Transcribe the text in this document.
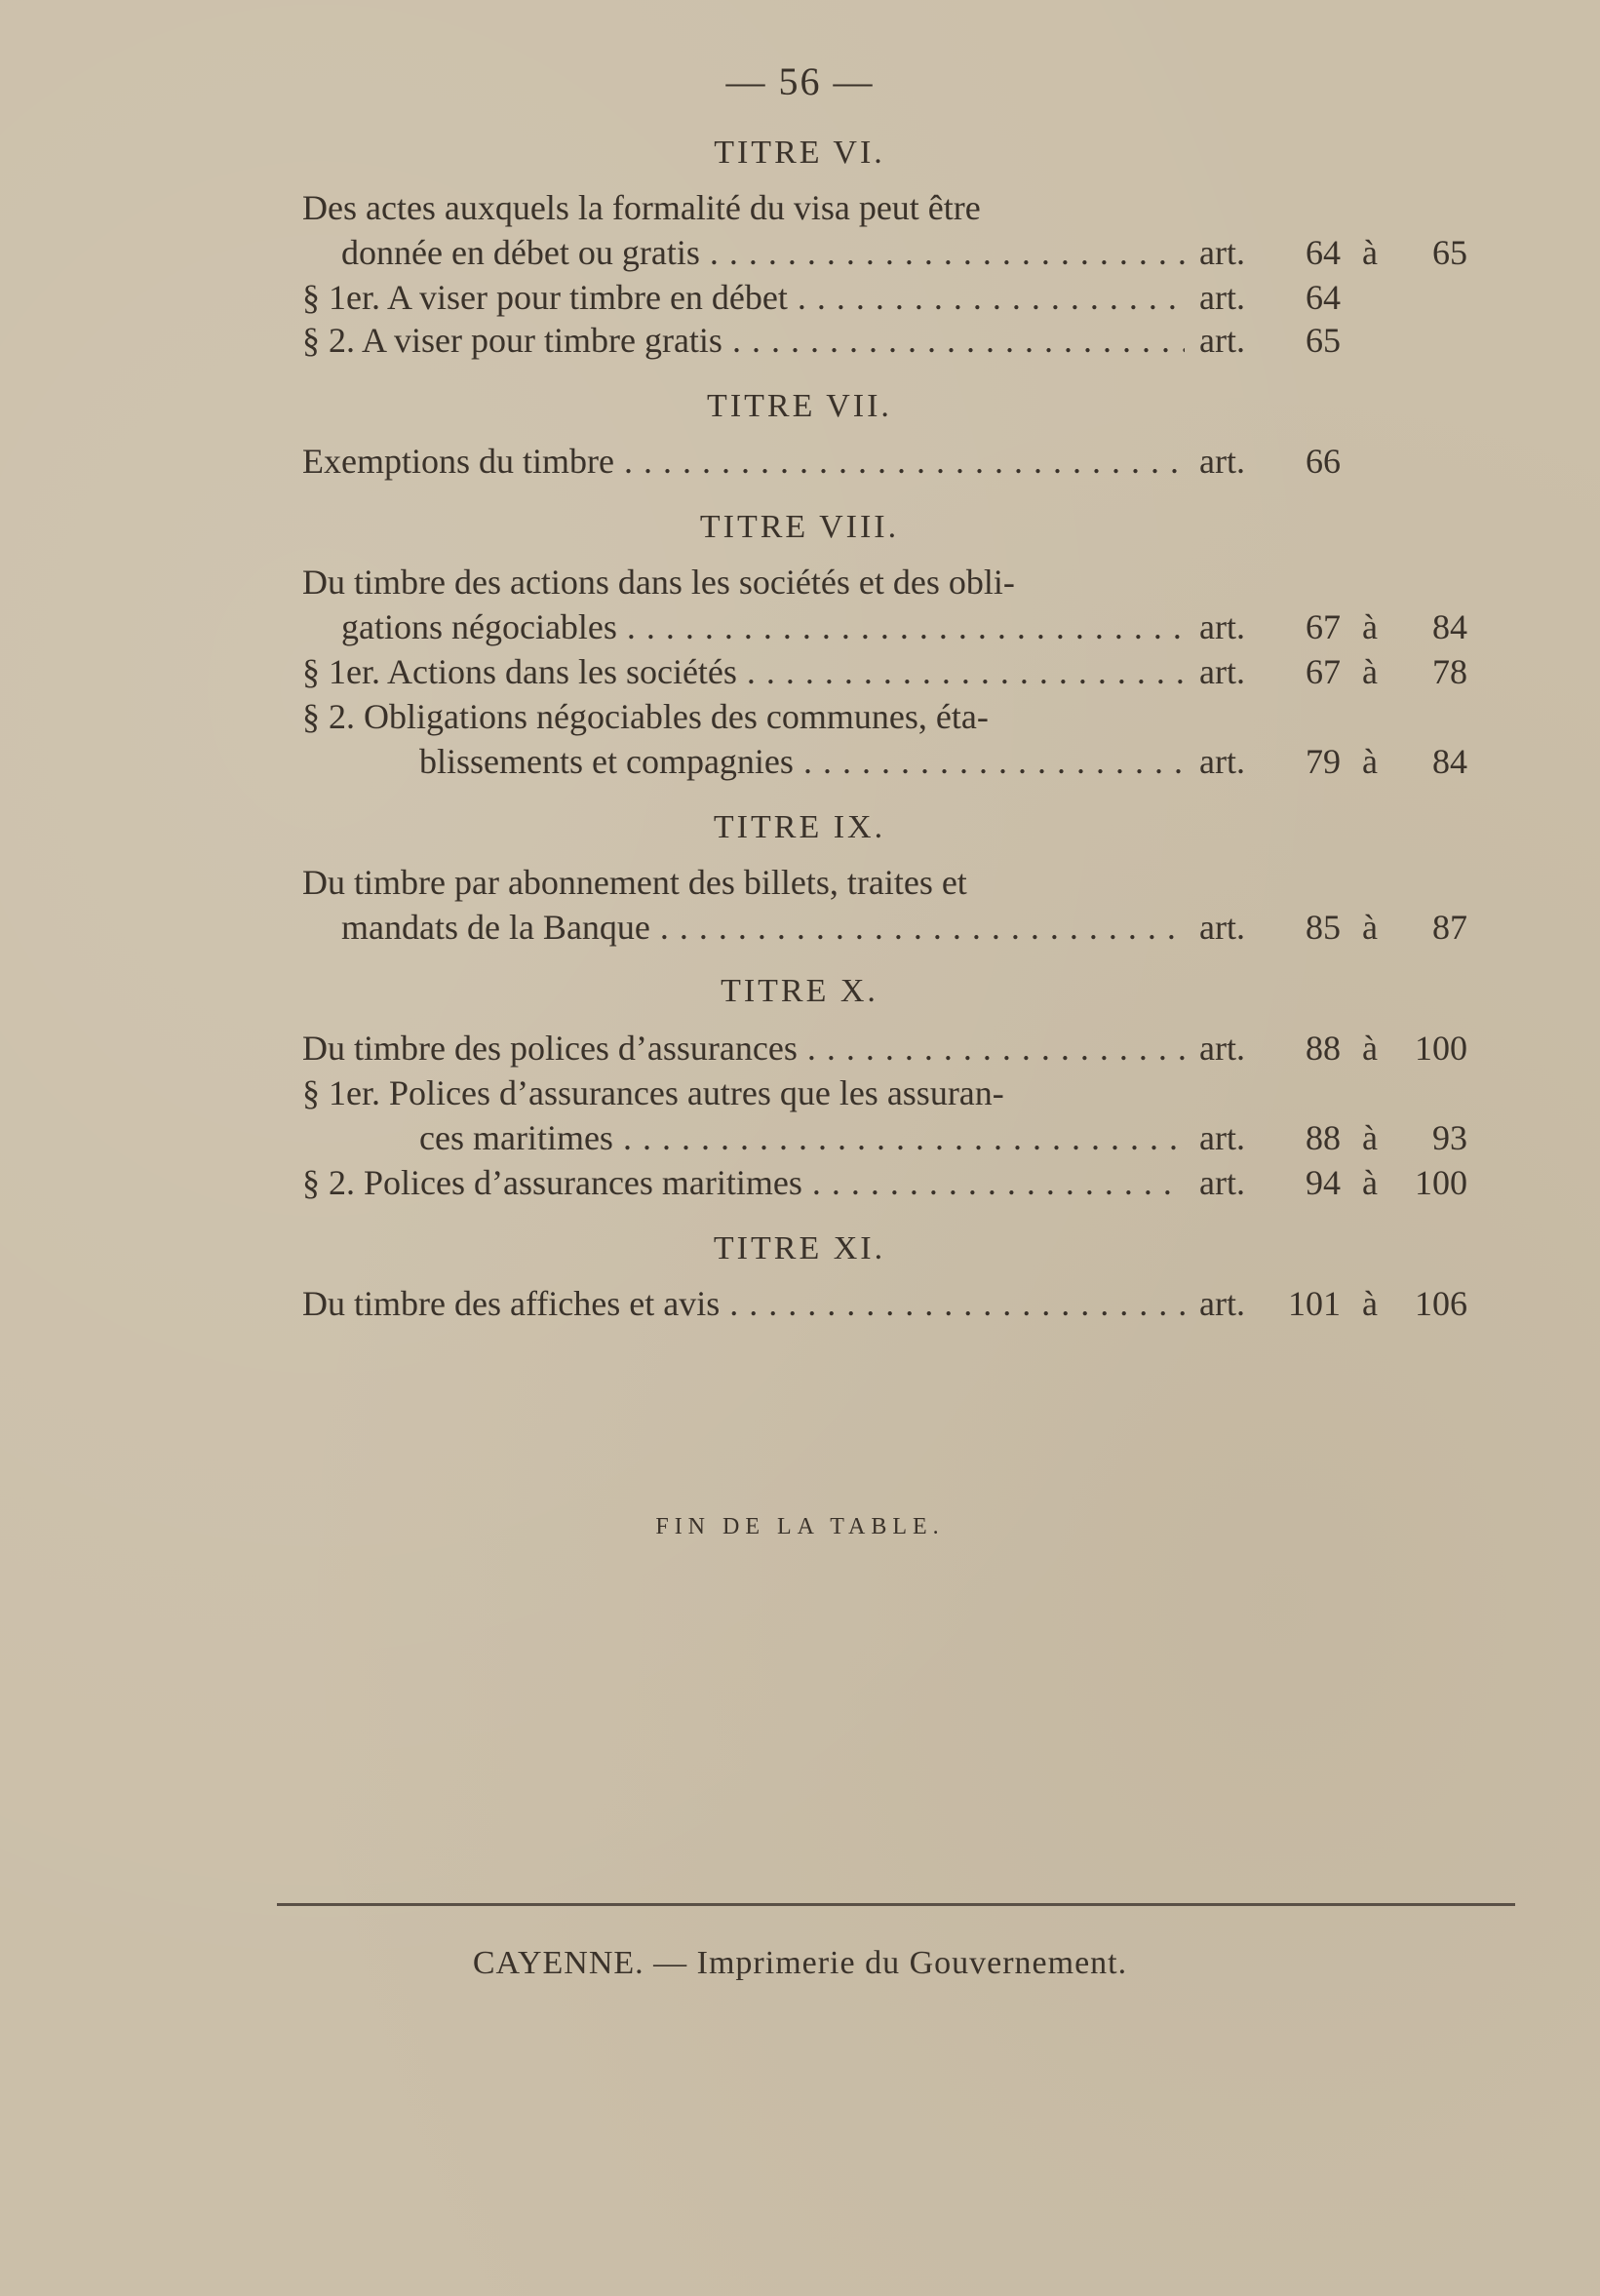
— 56 —
TITRE VI.
Des actes auxquels la formalité du visa peut être
donnée en débet ou gratis . . .	art.	64 à	65
§ 1er. A viser pour timbre en débet . . .	art.	64
§ 2. A viser pour timbre gratis . . .	art.	65
TITRE VII.
Exemptions du timbre . . .	art.	66
TITRE VIII.
Du timbre des actions dans les sociétés et des obli-
gations négociables . . .	art.	67 à	84
§ 1er. Actions dans les sociétés . . .	art.	67 à	78
§ 2. Obligations négociables des communes, éta-
blissements et compagnies . . .	art.	79 à	84
TITRE IX.
Du timbre par abonnement des billets, traites et
mandats de la Banque . . .	art.	85 à	87
TITRE X.
Du timbre des polices d’assurances . . .	art.	88 à	100
§ 1er. Polices d’assurances autres que les assuran-
ces maritimes . . .	art.	88 à	93
§ 2. Polices d’assurances maritimes . . .	art.	94 à	100
TITRE XI.
Du timbre des affiches et avis . . .	art.	101 à	106
FIN DE LA TABLE.
CAYENNE. — Imprimerie du Gouvernement.
